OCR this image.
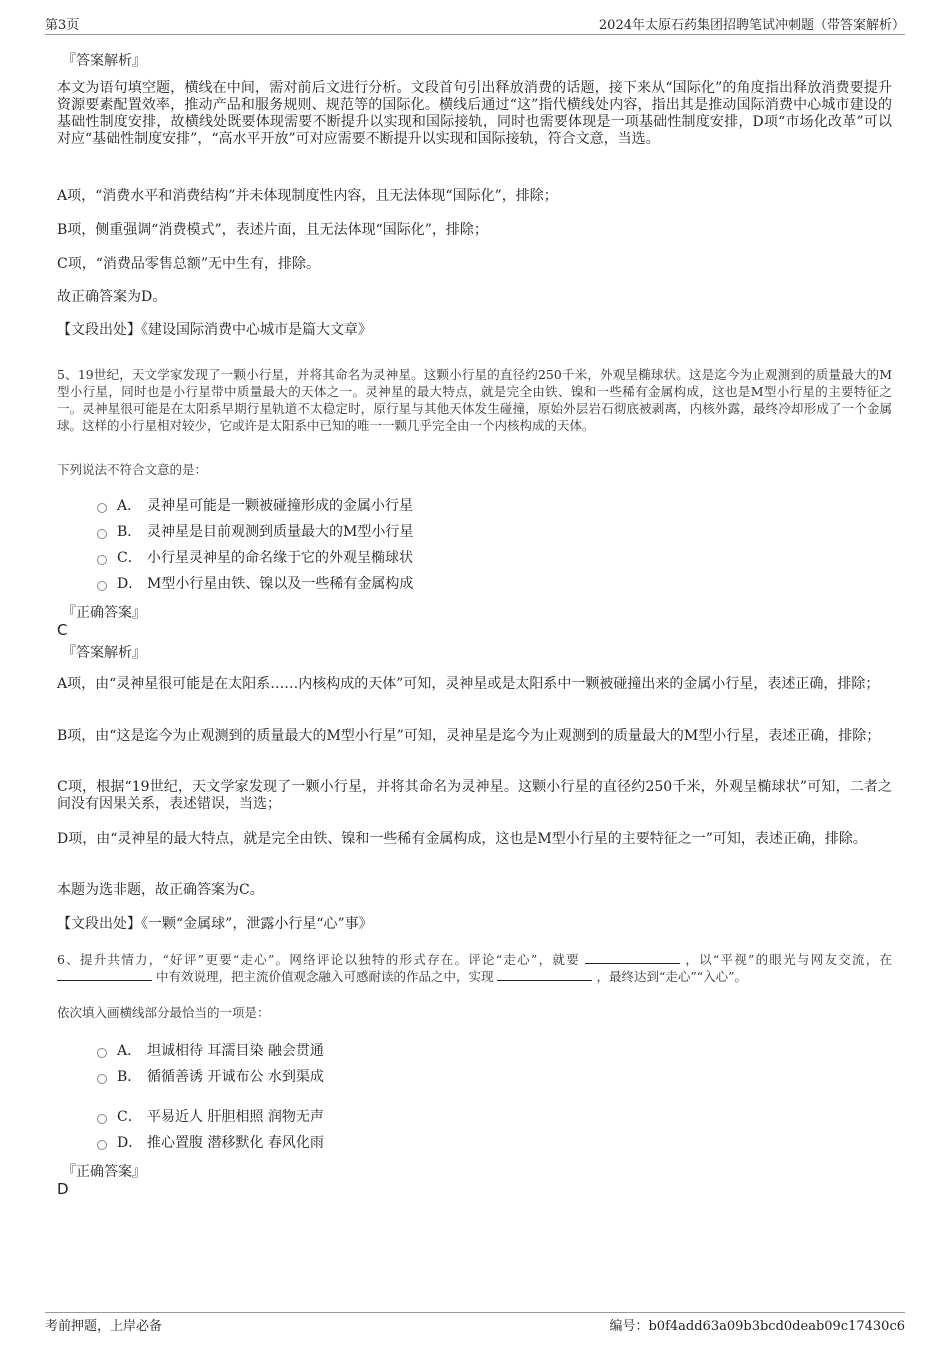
第3页	2024年太原石药集团招聘笔试冲刺题（带答案解析）
『答案解析』
本文为语句填空题，横线在中间，需对前后文进行分析。文段首句引出释放消费的话题，接下来从“国际化”的角度指出释放消费要提升资源要素配置效率，推动产品和服务规则、规范等的国际化。横线后通过“这”指代横线处内容，指出其是推动国际消费中心城市建设的基础性制度安排，故横线处既要体现需要不断提升以实现和国际接轨，同时也需要体现是一项基础性制度安排，D项“市场化改革”可以对应“基础性制度安排”，“高水平开放”可对应需要不断提升以实现和国际接轨，符合文意，当选。
A项，“消费水平和消费结构”并未体现制度性内容，且无法体现“国际化”，排除；
B项，侧重强调“消费模式”，表述片面，且无法体现“国际化”，排除；
C项，“消费品零售总额”无中生有，排除。
故正确答案为D。
【文段出处】《建设国际消费中心城市是篇大文章》
5、19世纪，天文学家发现了一颗小行星，并将其命名为灵神星。这颗小行星的直径约250千米，外观呈椭球状。这是迄今为止观测到的质量最大的M型小行星，同时也是小行星带中质量最大的天体之一。灵神星的最大特点，就是完全由铁、镍和一些稀有金属构成，这也是M型小行星的主要特征之一。灵神星很可能是在太阳系早期行星轨道不太稳定时，原行星与其他天体发生碰撞，原始外层岩石彻底被剥离，内核外露，最终冷却形成了一个金属球。这样的小行星相对较少，它或许是太阳系中已知的唯一一颗几乎完全由一个内核构成的天体。
下列说法不符合文意的是：
A． 灵神星可能是一颗被碰撞形成的金属小行星
B． 灵神星是目前观测到质量最大的M型小行星
C． 小行星灵神星的命名缘于它的外观呈椭球状
D． M型小行星由铁、镍以及一些稀有金属构成
『正确答案』
C
『答案解析』
A项，由“灵神星很可能是在太阳系……内核构成的天体”可知，灵神星或是太阳系中一颗被碰撞出来的金属小行星，表述正确，排除；
B项，由“这是迄今为止观测到的质量最大的M型小行星”可知，灵神星是迄今为止观测到的质量最大的M型小行星，表述正确，排除；
C项，根据“19世纪，天文学家发现了一颗小行星，并将其命名为灵神星。这颗小行星的直径约250千米，外观呈椭球状”可知，二者之间没有因果关系，表述错误，当选；
D项，由“灵神星的最大特点，就是完全由铁、镍和一些稀有金属构成，这也是M型小行星的主要特征之一”可知，表述正确，排除。
本题为选非题，故正确答案为C。
【文段出处】《一颗“金属球”，泄露小行星“心”事》
6、提升共情力，“好评”更要“走心”。网络评论以独特的形式存在。评论“走心”，就要	，以“平视”的眼光与网友交流，在  中有效说理，把主流价值观念融入可感耐读的作品之中，实现	，最终达到“走心”“入心”。
依次填入画横线部分最恰当的一项是：
A． 坦诚相待 耳濡目染 融会贯通
B． 循循善诱 开诚布公 水到渠成
C． 平易近人 肝胆相照 润物无声
D． 推心置腹 潜移默化 春风化雨
『正确答案』
D
考前押题，上岸必备	编号：b0f4add63a09b3bcd0deab09c17430c6
